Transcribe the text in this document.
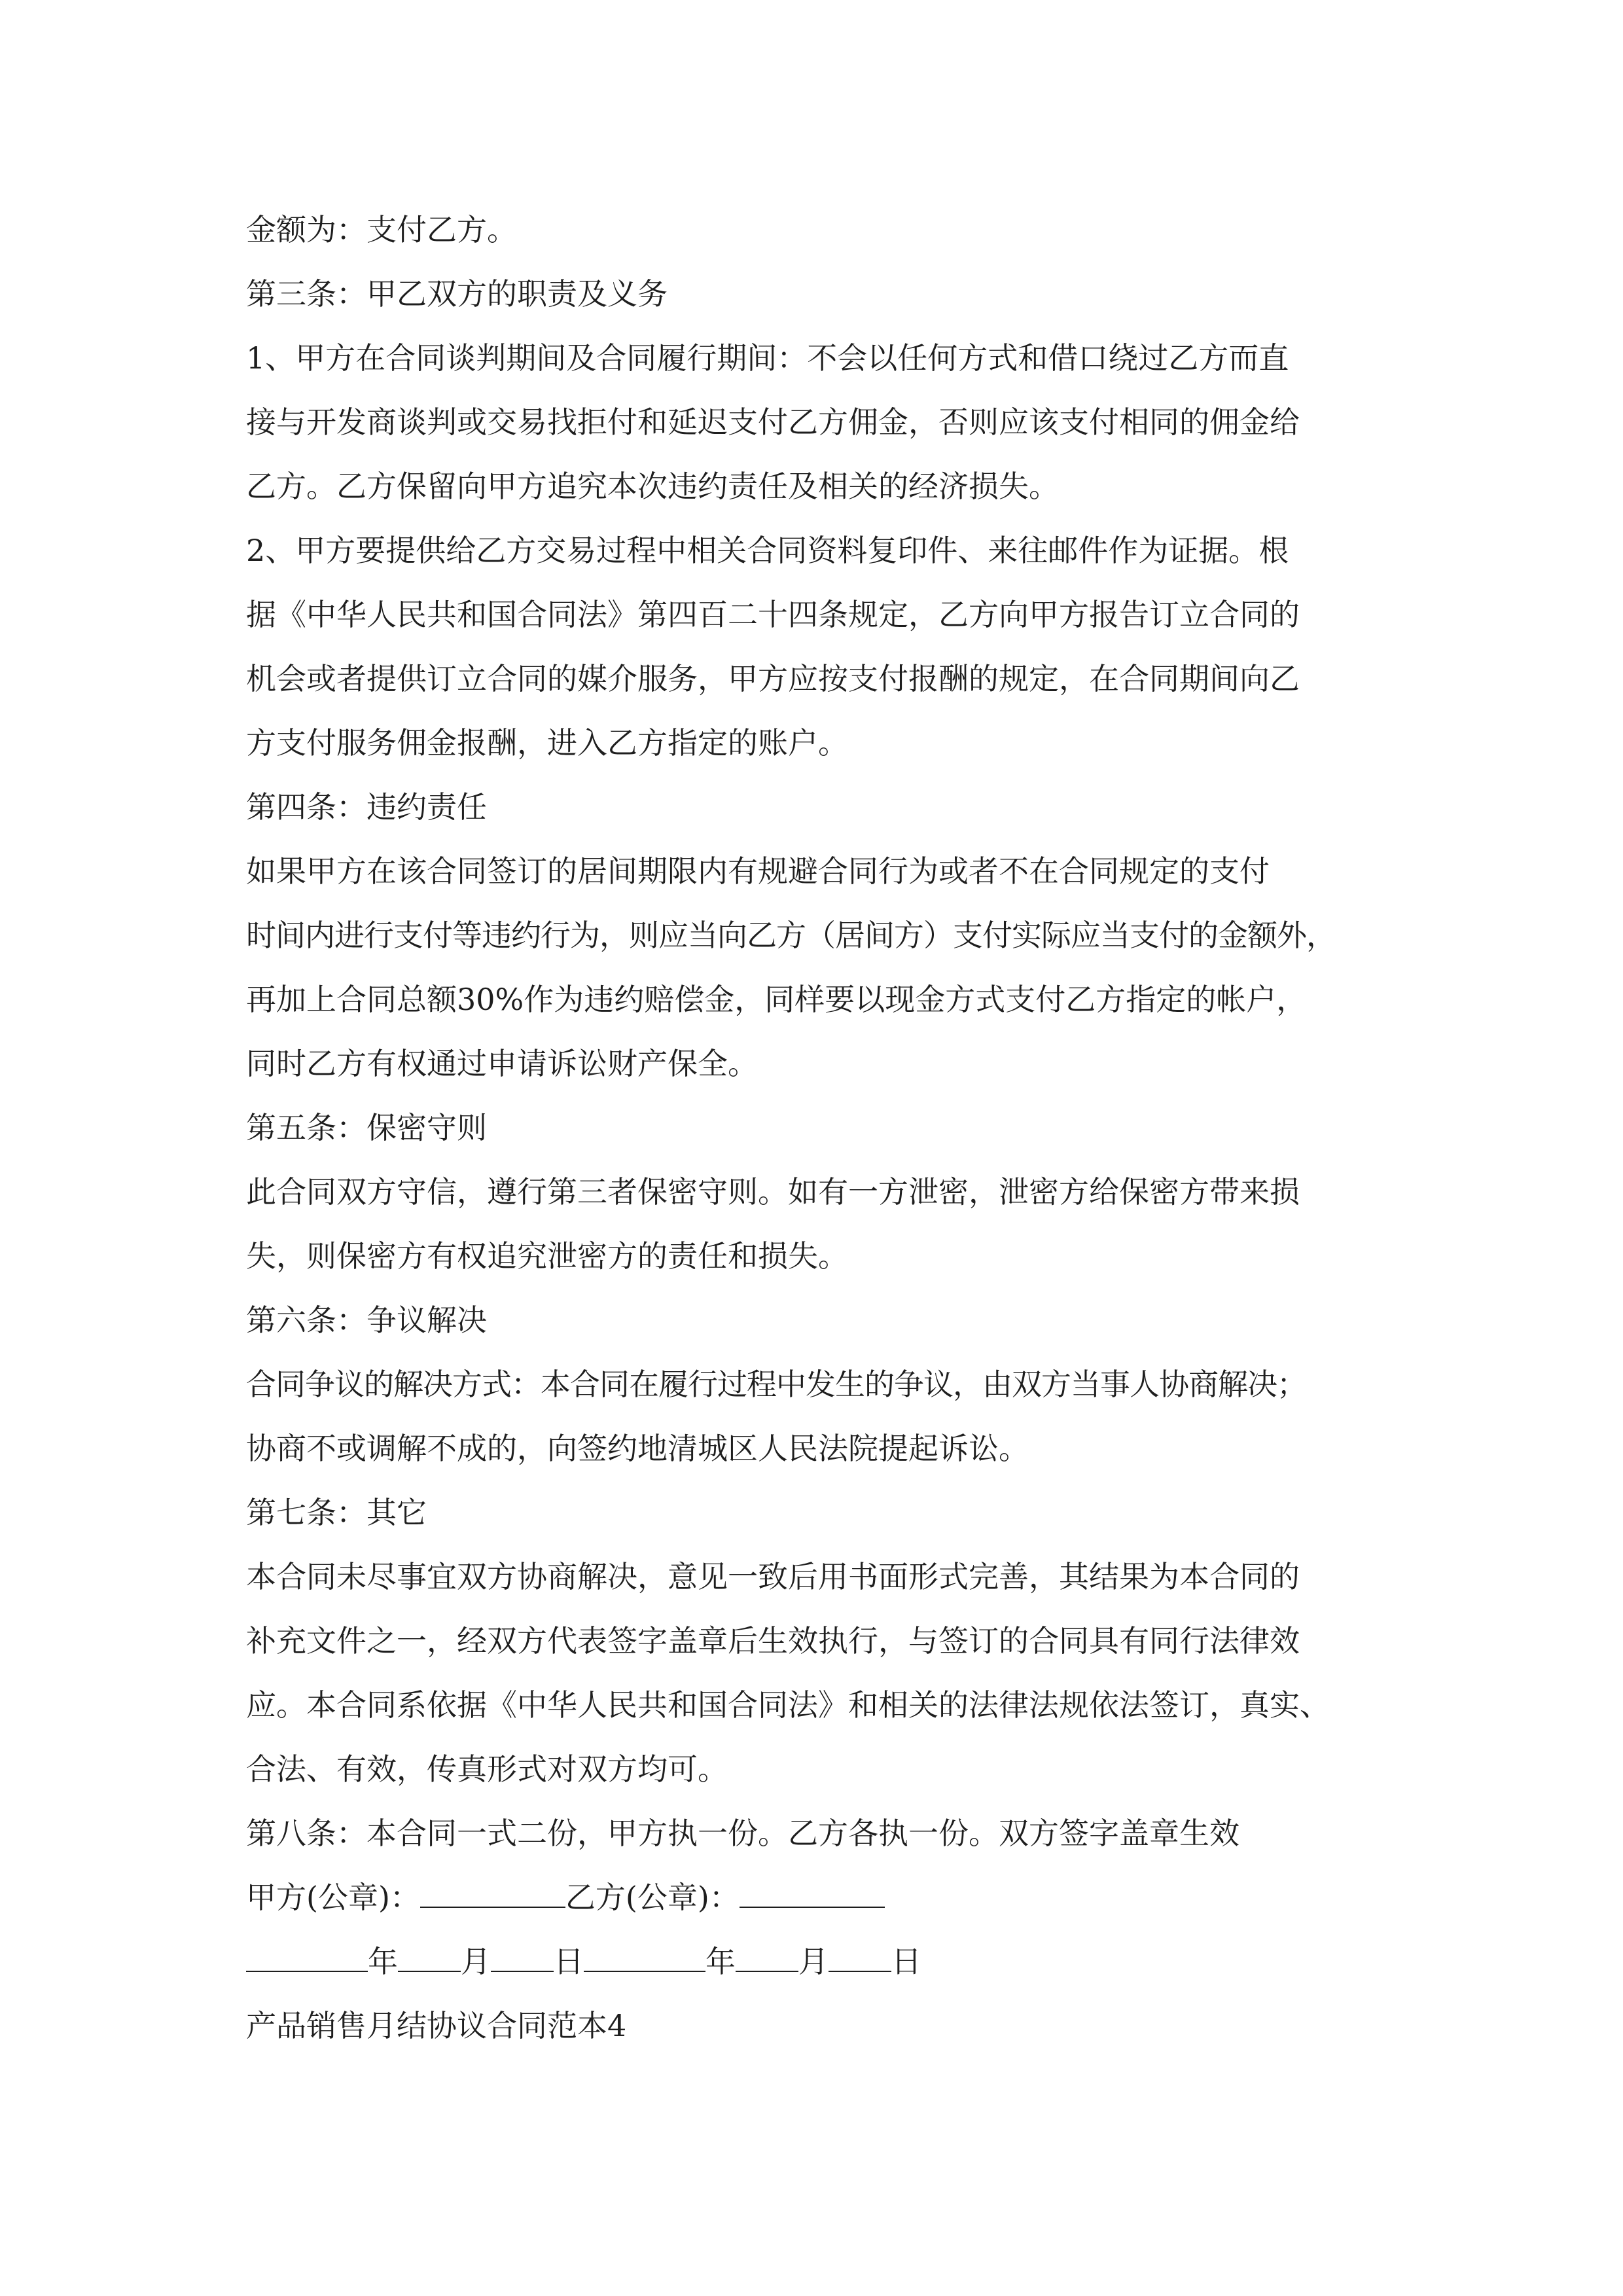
金额为：支付乙方。
第三条：甲乙双方的职责及义务
1、甲方在合同谈判期间及合同履行期间：不会以任何方式和借口绕过乙方而直
接与开发商谈判或交易找拒付和延迟支付乙方佣金，否则应该支付相同的佣金给
乙方。乙方保留向甲方追究本次违约责任及相关的经济损失。
2、甲方要提供给乙方交易过程中相关合同资料复印件、来往邮件作为证据。根
据《中华人民共和国合同法》第四百二十四条规定，乙方向甲方报告订立合同的
机会或者提供订立合同的媒介服务，甲方应按支付报酬的规定，在合同期间向乙
方支付服务佣金报酬，进入乙方指定的账户。
第四条：违约责任
如果甲方在该合同签订的居间期限内有规避合同行为或者不在合同规定的支付
时间内进行支付等违约行为，则应当向乙方（居间方）支付实际应当支付的金额外，
再加上合同总额30%作为违约赔偿金，同样要以现金方式支付乙方指定的帐户，
同时乙方有权通过申请诉讼财产保全。
第五条：保密守则
此合同双方守信，遵行第三者保密守则。如有一方泄密，泄密方给保密方带来损
失，则保密方有权追究泄密方的责任和损失。
第六条：争议解决
合同争议的解决方式：本合同在履行过程中发生的争议，由双方当事人协商解决；
协商不或调解不成的，向签约地清城区人民法院提起诉讼。
第七条：其它
本合同未尽事宜双方协商解决，意见一致后用书面形式完善，其结果为本合同的
补充文件之一，经双方代表签字盖章后生效执行，与签订的合同具有同行法律效
应。本合同系依据《中华人民共和国合同法》和相关的法律法规依法签订，真实、
合法、有效，传真形式对双方均可。
第八条：本合同一式二份，甲方执一份。乙方各执一份。双方签字盖章生效
甲方(公章)：	乙方(公章)：
年 月 日	年 月 日
产品销售月结协议合同范本4
